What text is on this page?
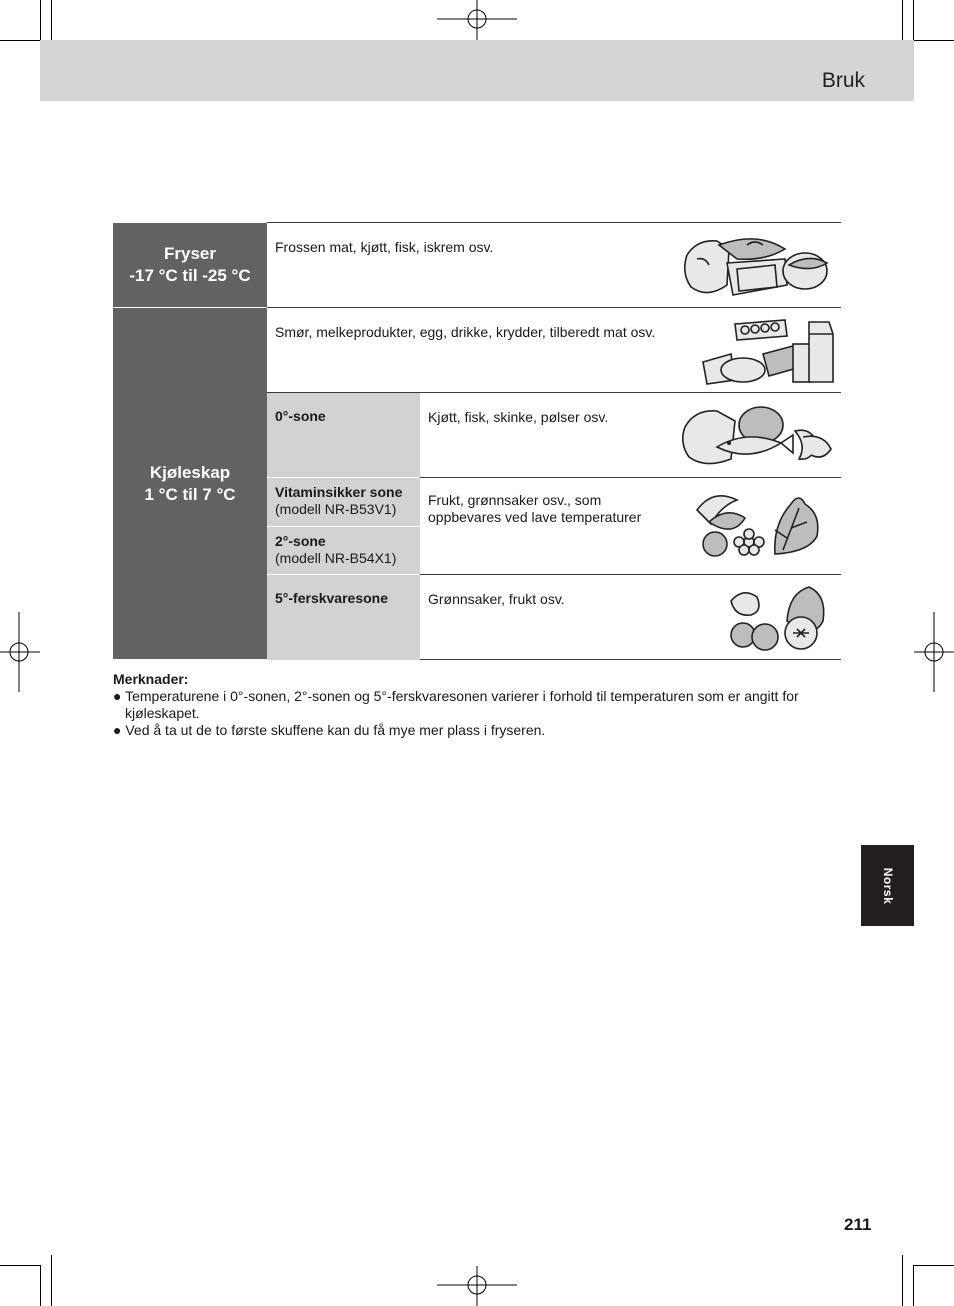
Bruk
Fryser
-17 °C til -25 °C	Frossen mat, kjøtt, fisk, iskrem osv.	

Kjøleskap
1 °C til 7 °C	Smør, melkeprodukter, egg, drikke, krydder, tilberedt mat osv.	

	0°-sone	Kjøtt, fisk, skinke, pølser osv.

	Vitaminsikker sone
(modell NR-B53V1)	Frukt, grønnsaker osv., som oppbevares ved lave temperaturer

	2°-sone
(modell NR-B54X1)	
	5°-ferskvaresone	Grønnsaker, frukt osv.
Merknader:
● Temperaturene i 0°-sonen, 2°-sonen og 5°-ferskvaresonen varierer i forhold til temperaturen som er angitt for kjøleskapet.
● Ved å ta ut de to første skuffene kan du få mye mer plass i fryseren.
Norsk
211
